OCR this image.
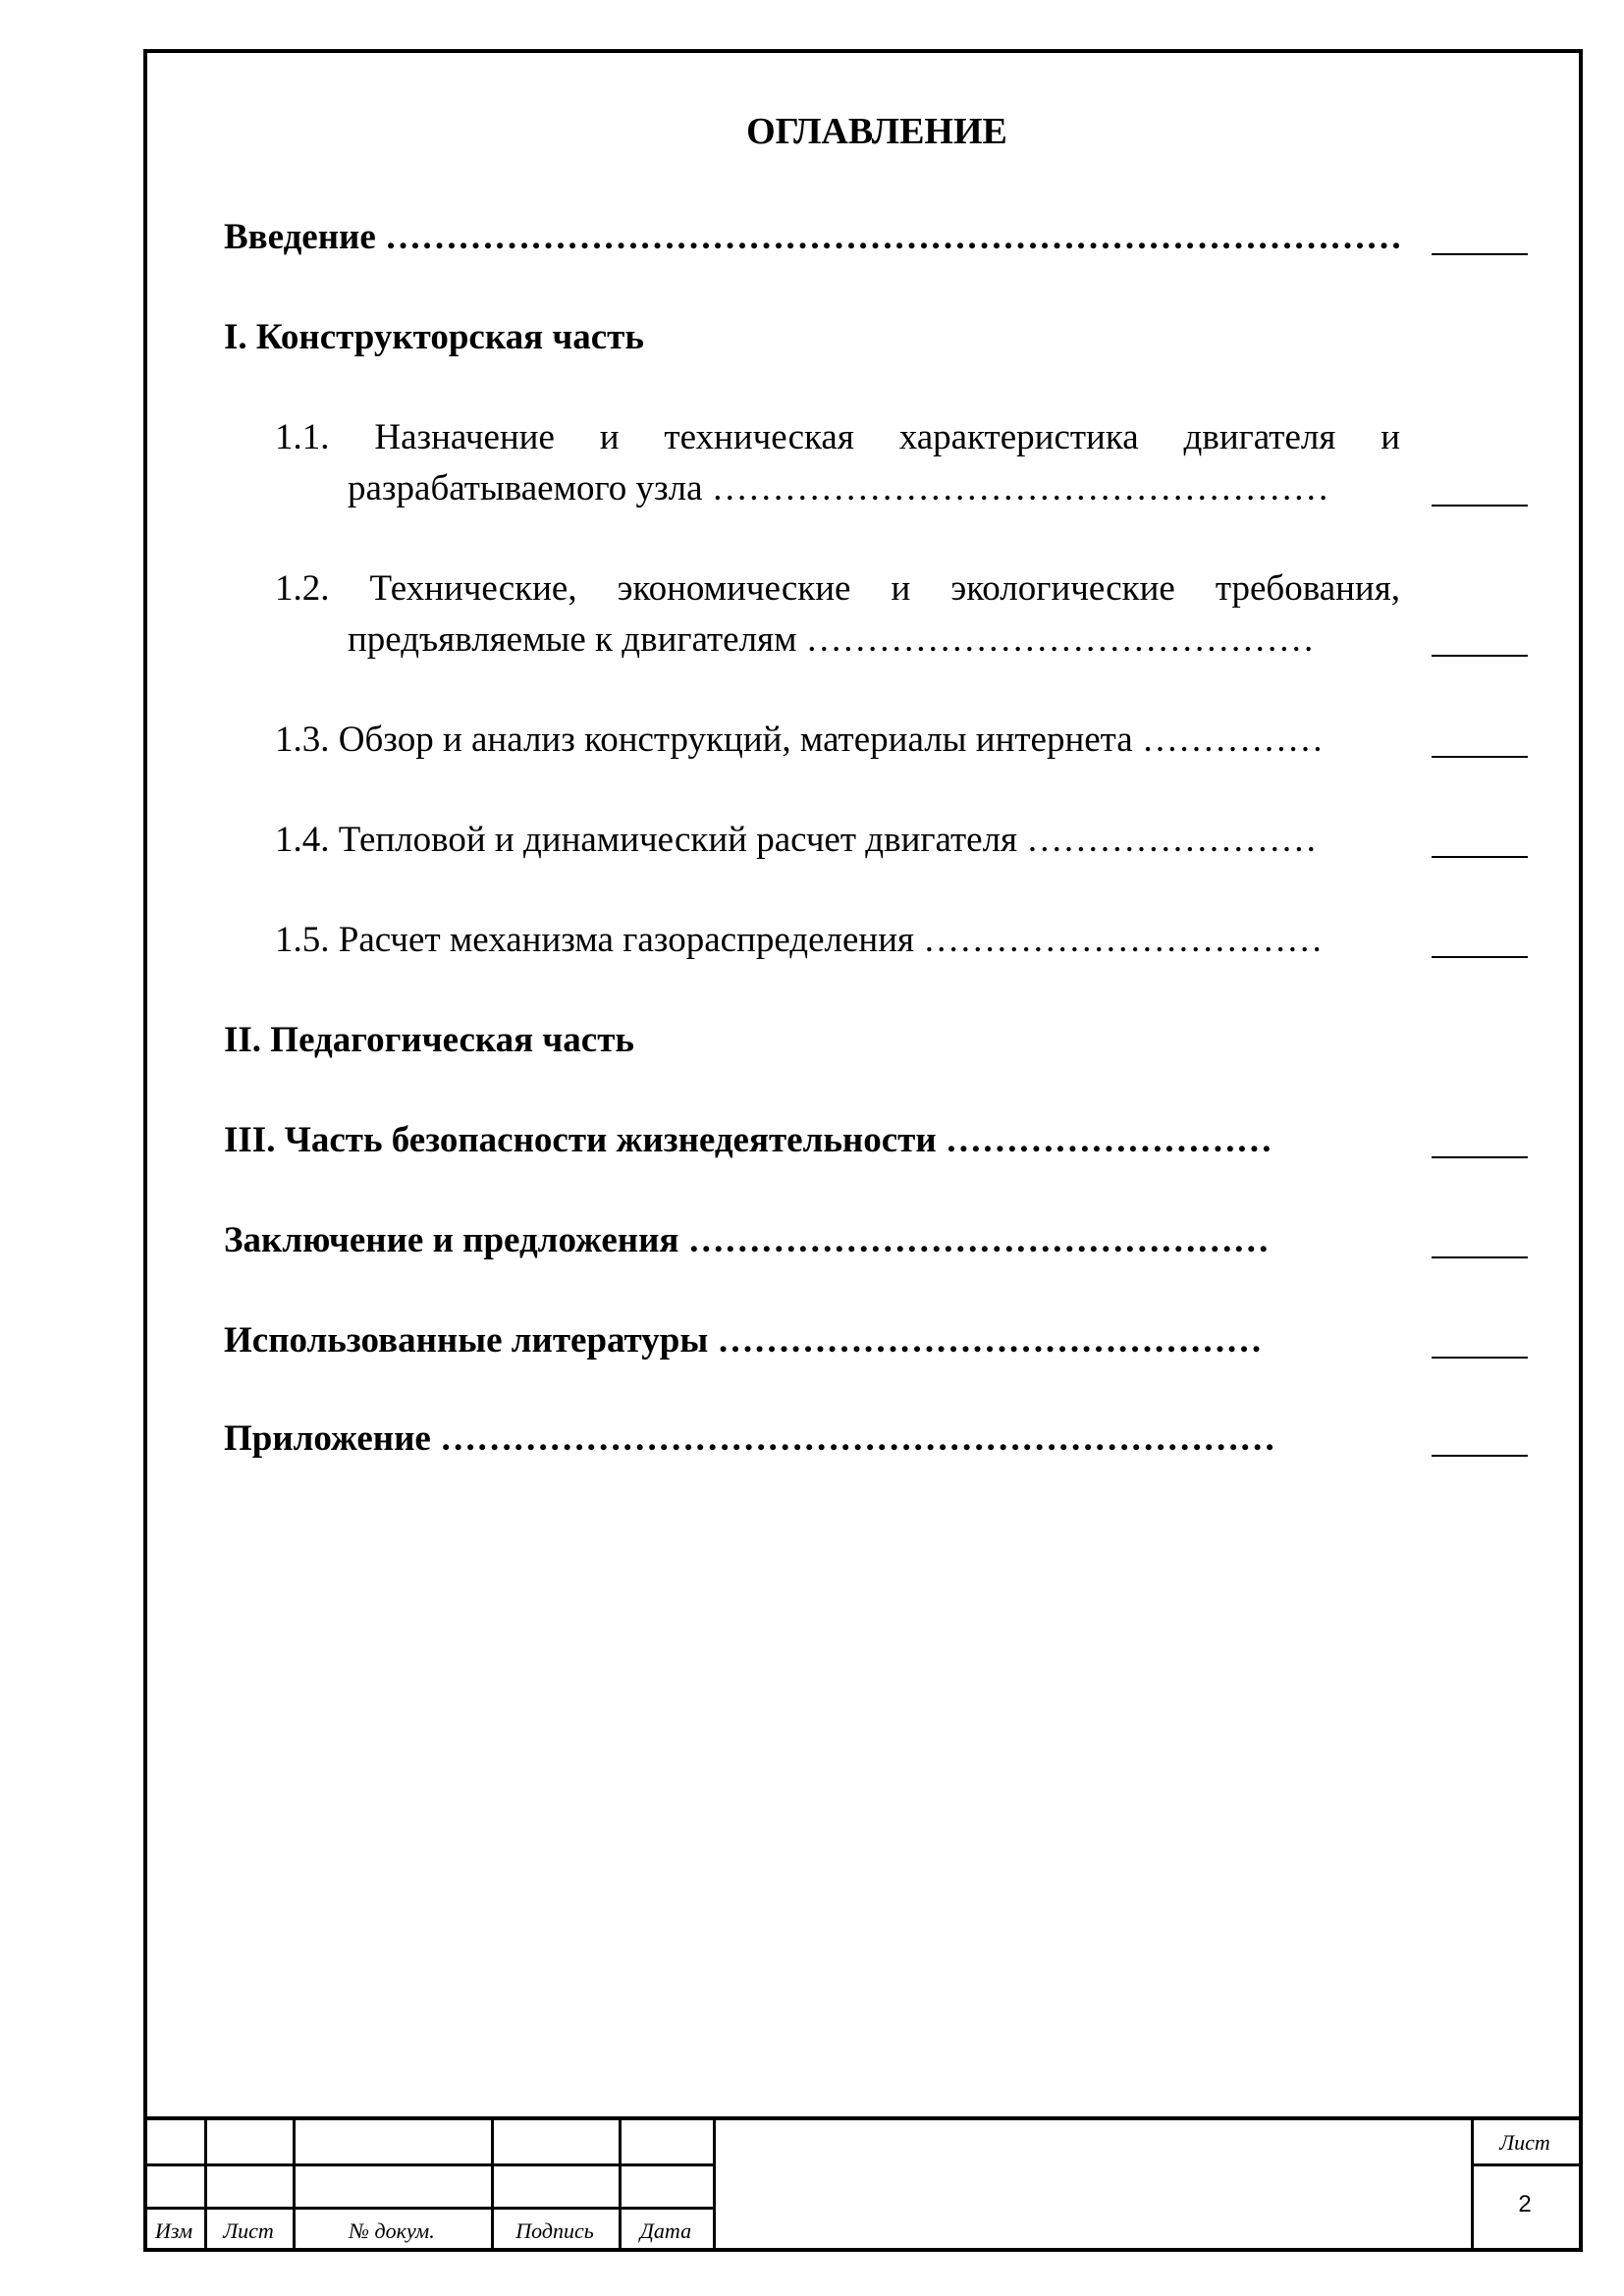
ОГЛАВЛЕНИЕ
Введение …………………………………………………………………………
I. Конструкторская часть
1.1. Назначение и техническая характеристика двигателя и
разрабатываемого узла ……………………………………………
1.2. Технические, экономические и экологические требования,
предъявляемые к двигателям ……………………………………
1.3. Обзор и анализ конструкций, материалы интернета ……………
1.4. Тепловой и динамический расчет двигателя ……………………
1.5. Расчет механизма газораспределения ……………………………
II. Педагогическая часть
III. Часть безопасности жизнедеятельности ………………………
Заключение и предложения …………………………………………
Использованные литературы ………………………………………
Приложение ……………………………………………………………
Изм	Лист	№ докум.	Подпись	Дата
Лист
2
